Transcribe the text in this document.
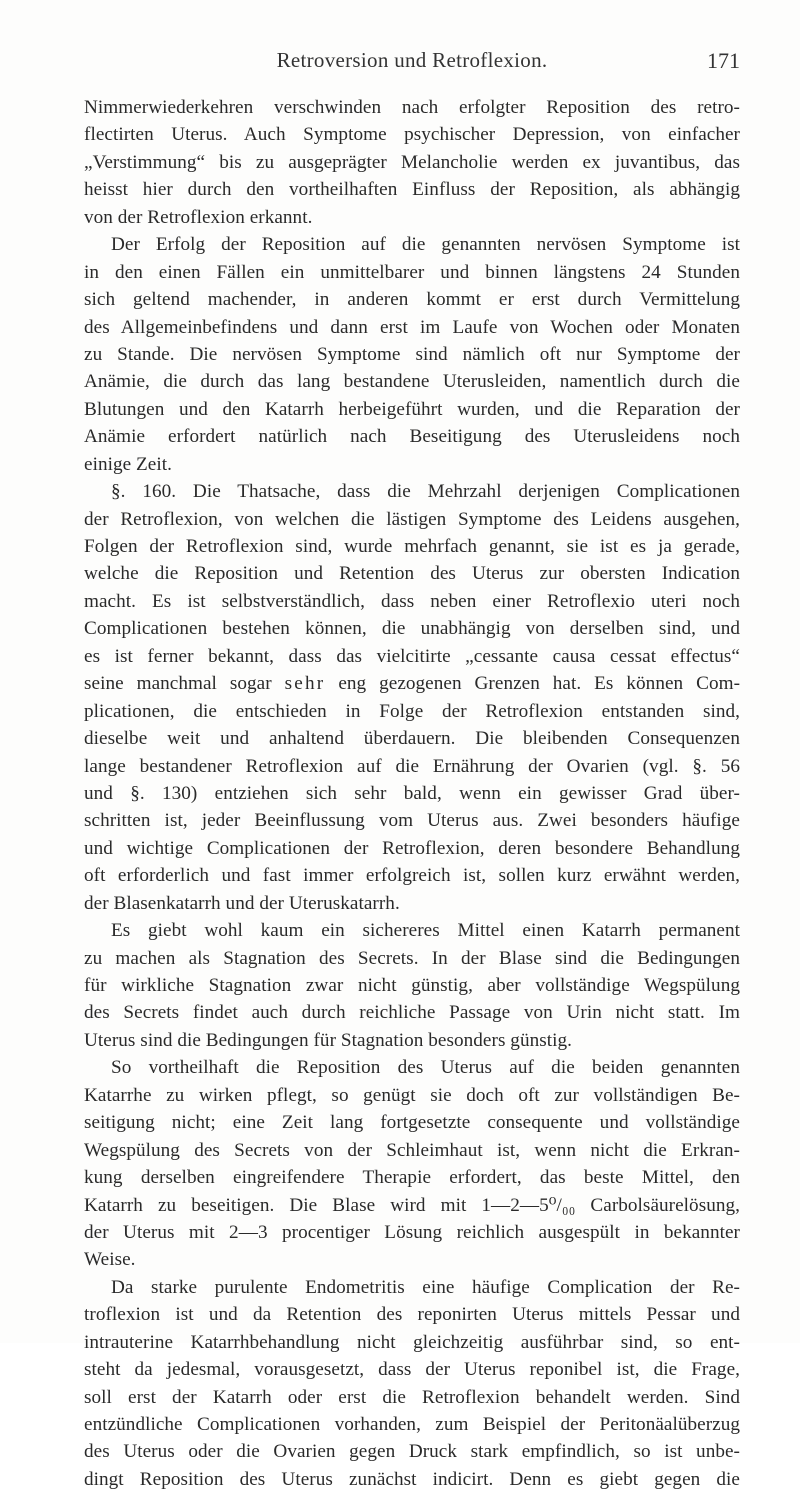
Retroversion und Retroflexion.	171
Nimmerwiederkehren verschwinden nach erfolgter Reposition des retro-
flectirten Uterus. Auch Symptome psychischer Depression, von einfacher
„Verstimmung“ bis zu ausgeprägter Melancholie werden ex juvantibus, das
heisst hier durch den vortheilhaften Einfluss der Reposition, als abhängig
von der Retroflexion erkannt.
Der Erfolg der Reposition auf die genannten nervösen Symptome ist
in den einen Fällen ein unmittelbarer und binnen längstens 24 Stunden
sich geltend machender, in anderen kommt er erst durch Vermittelung
des Allgemeinbefindens und dann erst im Laufe von Wochen oder Monaten
zu Stande. Die nervösen Symptome sind nämlich oft nur Symptome der
Anämie, die durch das lang bestandene Uterusleiden, namentlich durch die
Blutungen und den Katarrh herbeigeführt wurden, und die Reparation der
Anämie erfordert natürlich nach Beseitigung des Uterusleidens noch
einige Zeit.
§. 160. Die Thatsache, dass die Mehrzahl derjenigen Complicationen
der Retroflexion, von welchen die lästigen Symptome des Leidens ausgehen,
Folgen der Retroflexion sind, wurde mehrfach genannt, sie ist es ja gerade,
welche die Reposition und Retention des Uterus zur obersten Indication
macht. Es ist selbstverständlich, dass neben einer Retroflexio uteri noch
Complicationen bestehen können, die unabhängig von derselben sind, und
es ist ferner bekannt, dass das vielcitirte „cessante causa cessat effectus“
seine manchmal sogar sehr eng gezogenen Grenzen hat. Es können Com-
plicationen, die entschieden in Folge der Retroflexion entstanden sind,
dieselbe weit und anhaltend überdauern. Die bleibenden Consequenzen
lange bestandener Retroflexion auf die Ernährung der Ovarien (vgl. §. 56
und §. 130) entziehen sich sehr bald, wenn ein gewisser Grad über-
schritten ist, jeder Beeinflussung vom Uterus aus. Zwei besonders häufige
und wichtige Complicationen der Retroflexion, deren besondere Behandlung
oft erforderlich und fast immer erfolgreich ist, sollen kurz erwähnt werden,
der Blasenkatarrh und der Uteruskatarrh.
Es giebt wohl kaum ein sichereres Mittel einen Katarrh permanent
zu machen als Stagnation des Secrets. In der Blase sind die Bedingungen
für wirkliche Stagnation zwar nicht günstig, aber vollständige Wegspülung
des Secrets findet auch durch reichliche Passage von Urin nicht statt. Im
Uterus sind die Bedingungen für Stagnation besonders günstig.
So vortheilhaft die Reposition des Uterus auf die beiden genannten
Katarrhe zu wirken pflegt, so genügt sie doch oft zur vollständigen Be-
seitigung nicht; eine Zeit lang fortgesetzte consequente und vollständige
Wegspülung des Secrets von der Schleimhaut ist, wenn nicht die Erkran-
kung derselben eingreifendere Therapie erfordert, das beste Mittel, den
Katarrh zu beseitigen. Die Blase wird mit 1—2—5⁰/₀₀ Carbolsäurelösung,
der Uterus mit 2—3 procentiger Lösung reichlich ausgespült in bekannter
Weise.
Da starke purulente Endometritis eine häufige Complication der Re-
troflexion ist und da Retention des reponirten Uterus mittels Pessar und
intrauterine Katarrhbehandlung nicht gleichzeitig ausführbar sind, so ent-
steht da jedesmal, vorausgesetzt, dass der Uterus reponibel ist, die Frage,
soll erst der Katarrh oder erst die Retroflexion behandelt werden. Sind
entzündliche Complicationen vorhanden, zum Beispiel der Peritonäalüberzug
des Uterus oder die Ovarien gegen Druck stark empfindlich, so ist unbe-
dingt Reposition des Uterus zunächst indicirt. Denn es giebt gegen die
